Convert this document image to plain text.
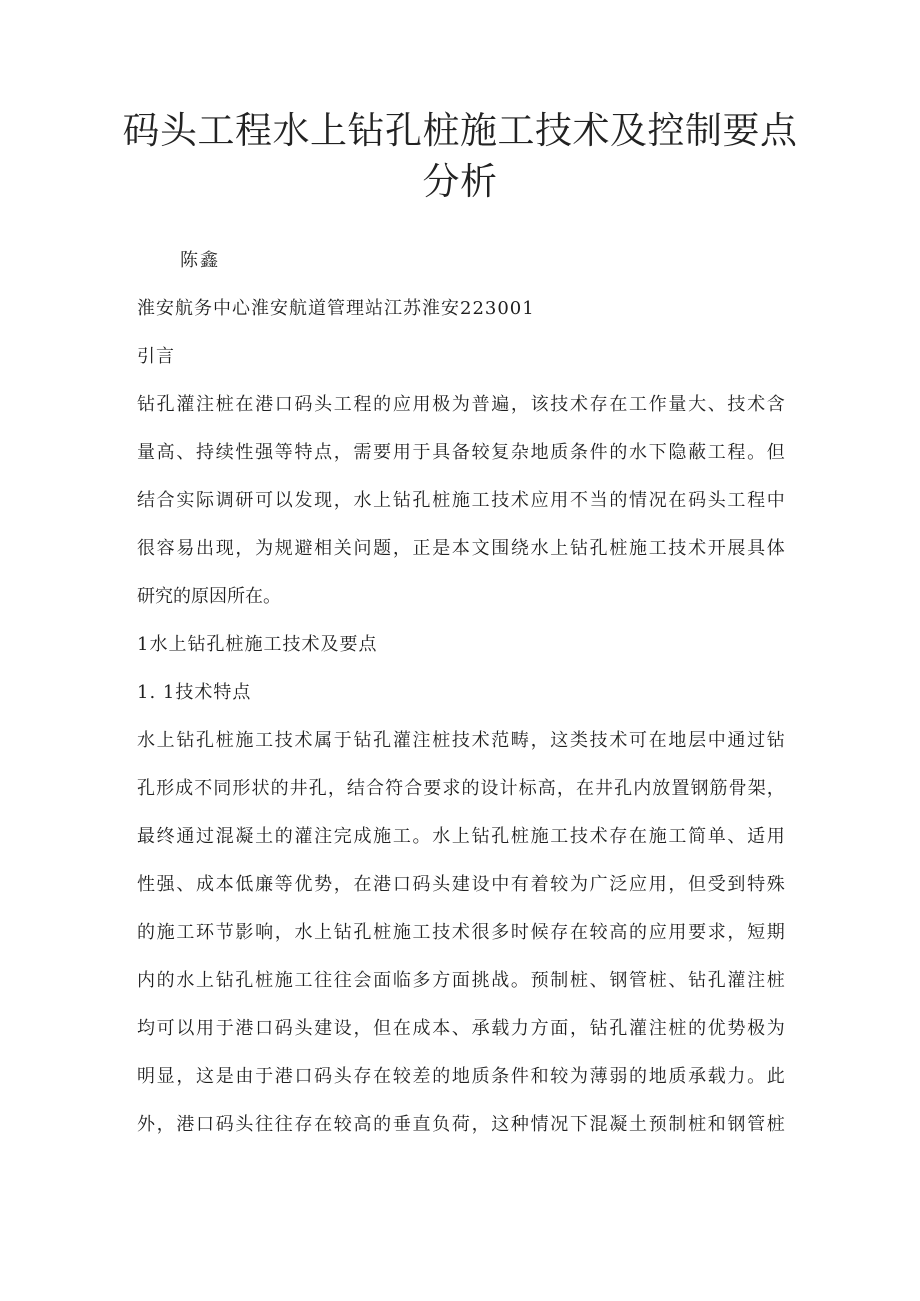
码头工程水上钻孔桩施工技术及控制要点
分析

陈鑫

淮安航务中心淮安航道管理站江苏淮安223001

引言

钻孔灌注桩在港口码头工程的应用极为普遍，该技术存在工作量大、技术含

量高、持续性强等特点，需要用于具备较复杂地质条件的水下隐蔽工程。但

结合实际调研可以发现，水上钻孔桩施工技术应用不当的情况在码头工程中

很容易出现，为规避相关问题，正是本文围绕水上钻孔桩施工技术开展具体

研究的原因所在。

1水上钻孔桩施工技术及要点

1. 1技术特点

水上钻孔桩施工技术属于钻孔灌注桩技术范畴，这类技术可在地层中通过钻

孔形成不同形状的井孔，结合符合要求的设计标高，在井孔内放置钢筋骨架，

最终通过混凝土的灌注完成施工。水上钻孔桩施工技术存在施工简单、适用

性强、成本低廉等优势，在港口码头建设中有着较为广泛应用，但受到特殊

的施工环节影响，水上钻孔桩施工技术很多时候存在较高的应用要求，短期

内的水上钻孔桩施工往往会面临多方面挑战。预制桩、钢管桩、钻孔灌注桩

均可以用于港口码头建设，但在成本、承载力方面，钻孔灌注桩的优势极为

明显，这是由于港口码头存在较差的地质条件和较为薄弱的地质承载力。此

外，港口码头往往存在较高的垂直负荷，这种情况下混凝土预制桩和钢管桩
